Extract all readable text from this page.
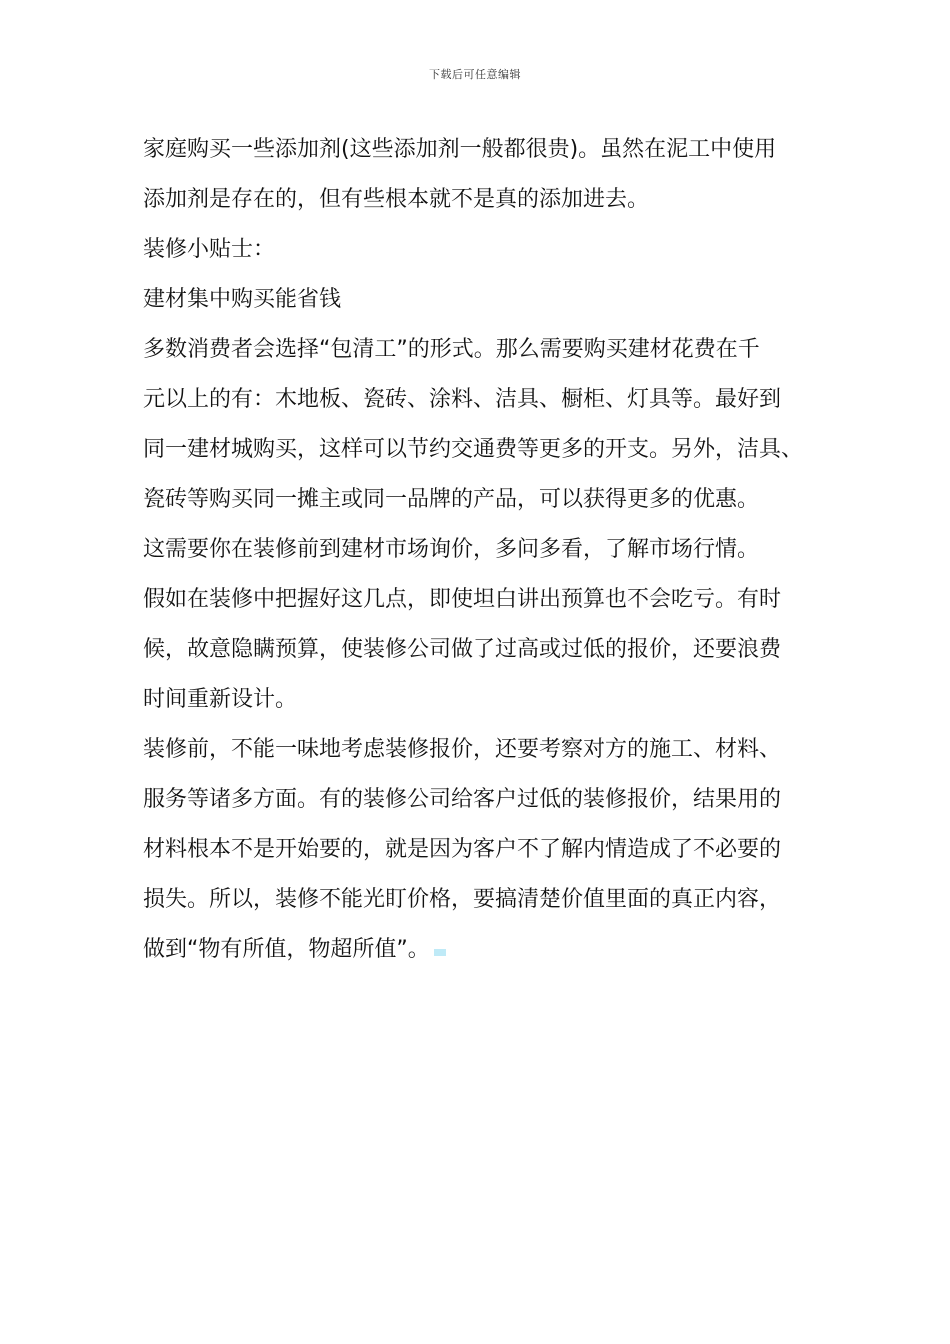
下载后可任意编辑
家庭购买一些添加剂(这些添加剂一般都很贵)。虽然在泥工中使用
添加剂是存在的，但有些根本就不是真的添加进去。
装修小贴士：
建材集中购买能省钱
多数消费者会选择“包清工”的形式。那么需要购买建材花费在千
元以上的有：木地板、瓷砖、涂料、洁具、橱柜、灯具等。最好到
同一建材城购买，这样可以节约交通费等更多的开支。另外，洁具、
瓷砖等购买同一摊主或同一品牌的产品，可以获得更多的优惠。
这需要你在装修前到建材市场询价，多问多看，了解市场行情。
假如在装修中把握好这几点，即使坦白讲出预算也不会吃亏。有时
候，故意隐瞒预算，使装修公司做了过高或过低的报价，还要浪费
时间重新设计。
装修前，不能一味地考虑装修报价，还要考察对方的施工、材料、
服务等诸多方面。有的装修公司给客户过低的装修报价，结果用的
材料根本不是开始要的，就是因为客户不了解内情造成了不必要的
损失。所以，装修不能光盯价格，要搞清楚价值里面的真正内容，
做到“物有所值，物超所值”。
